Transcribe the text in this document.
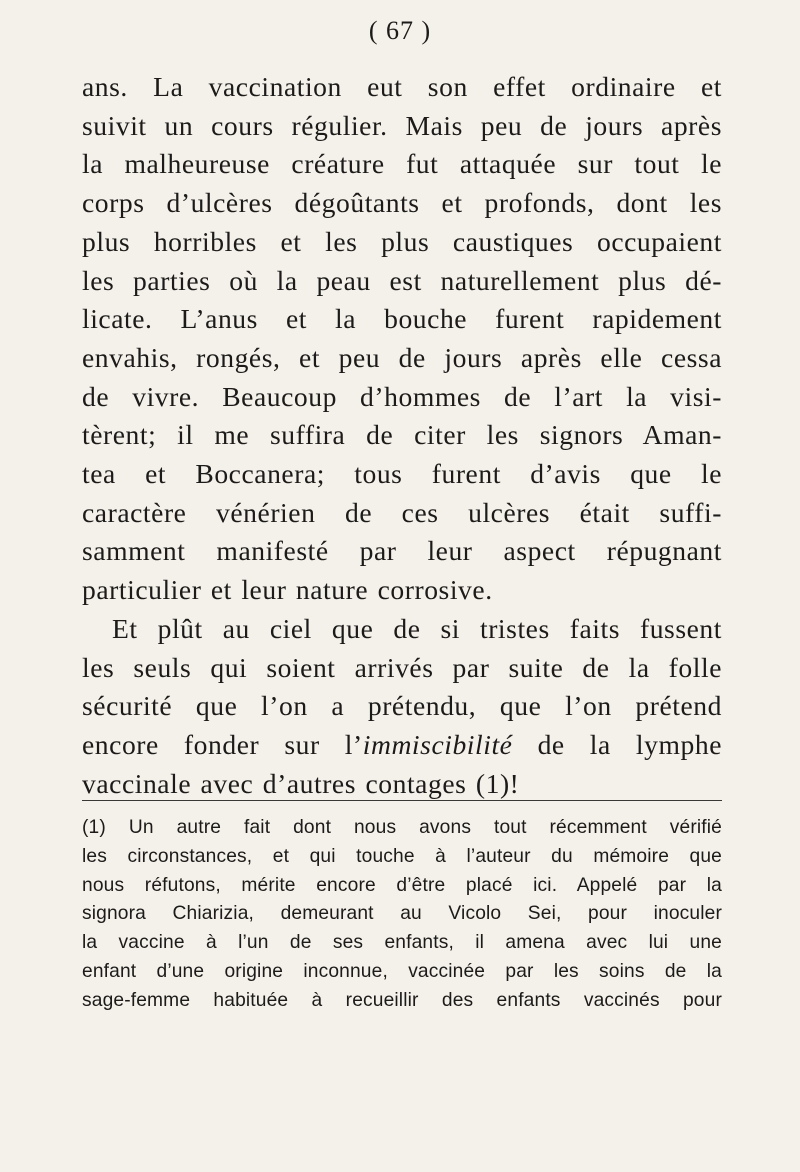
( 67 )
ans. La vaccination eut son effet ordinaire et
suivit un cours régulier. Mais peu de jours après
la malheureuse créature fut attaquée sur tout le
corps d’ulcères dégoûtants et profonds, dont les
plus horribles et les plus caustiques occupaient
les parties où la peau est naturellement plus dé-
licate. L’anus et la bouche furent rapidement
envahis, rongés, et peu de jours après elle cessa
de vivre. Beaucoup d’hommes de l’art la visi-
tèrent; il me suffira de citer les signors Aman-
tea et Boccanera; tous furent d’avis que le
caractère vénérien de ces ulcères était suffi-
samment manifesté par leur aspect répugnant
particulier et leur nature corrosive.
Et plût au ciel que de si tristes faits fussent
les seuls qui soient arrivés par suite de la folle
sécurité que l’on a prétendu, que l’on prétend
encore fonder sur l’immiscibilité de la lymphe
vaccinale avec d’autres contages (1)!
(1) Un autre fait dont nous avons tout récemment vérifié
les circonstances, et qui touche à l’auteur du mémoire que
nous réfutons, mérite encore d’être placé ici. Appelé par la
signora Chiarizia, demeurant au Vicolo Sei, pour inoculer
la vaccine à l’un de ses enfants, il amena avec lui une
enfant d’une origine inconnue, vaccinée par les soins de la
sage-femme habituée à recueillir des enfants vaccinés pour
